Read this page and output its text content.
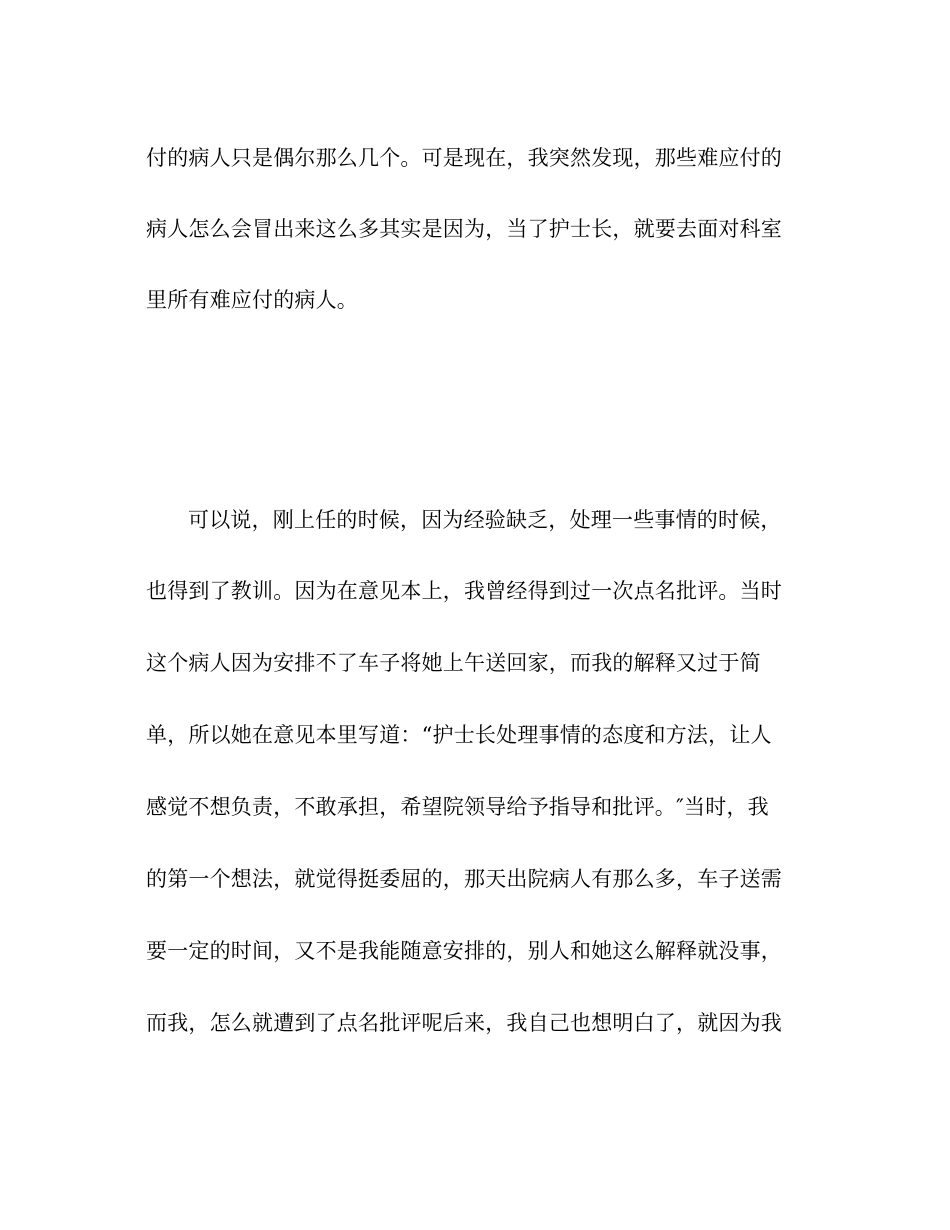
付的病人只是偶尔那么几个。可是现在，我突然发现，那些难应付的
病人怎么会冒出来这么多其实是因为，当了护士长，就要去面对科室
里所有难应付的病人。
可以说，刚上任的时候，因为经验缺乏，处理一些事情的时候，
也得到了教训。因为在意见本上，我曾经得到过一次点名批评。当时
这个病人因为安排不了车子将她上午送回家，而我的解释又过于简
单，所以她在意见本里写道：“护士长处理事情的态度和方法，让人
感觉不想负责，不敢承担，希望院领导给予指导和批评。″当时，我
的第一个想法，就觉得挺委屈的，那天出院病人有那么多，车子送需
要一定的时间，又不是我能随意安排的，别人和她这么解释就没事，
而我，怎么就遭到了点名批评呢后来，我自己也想明白了，就因为我
